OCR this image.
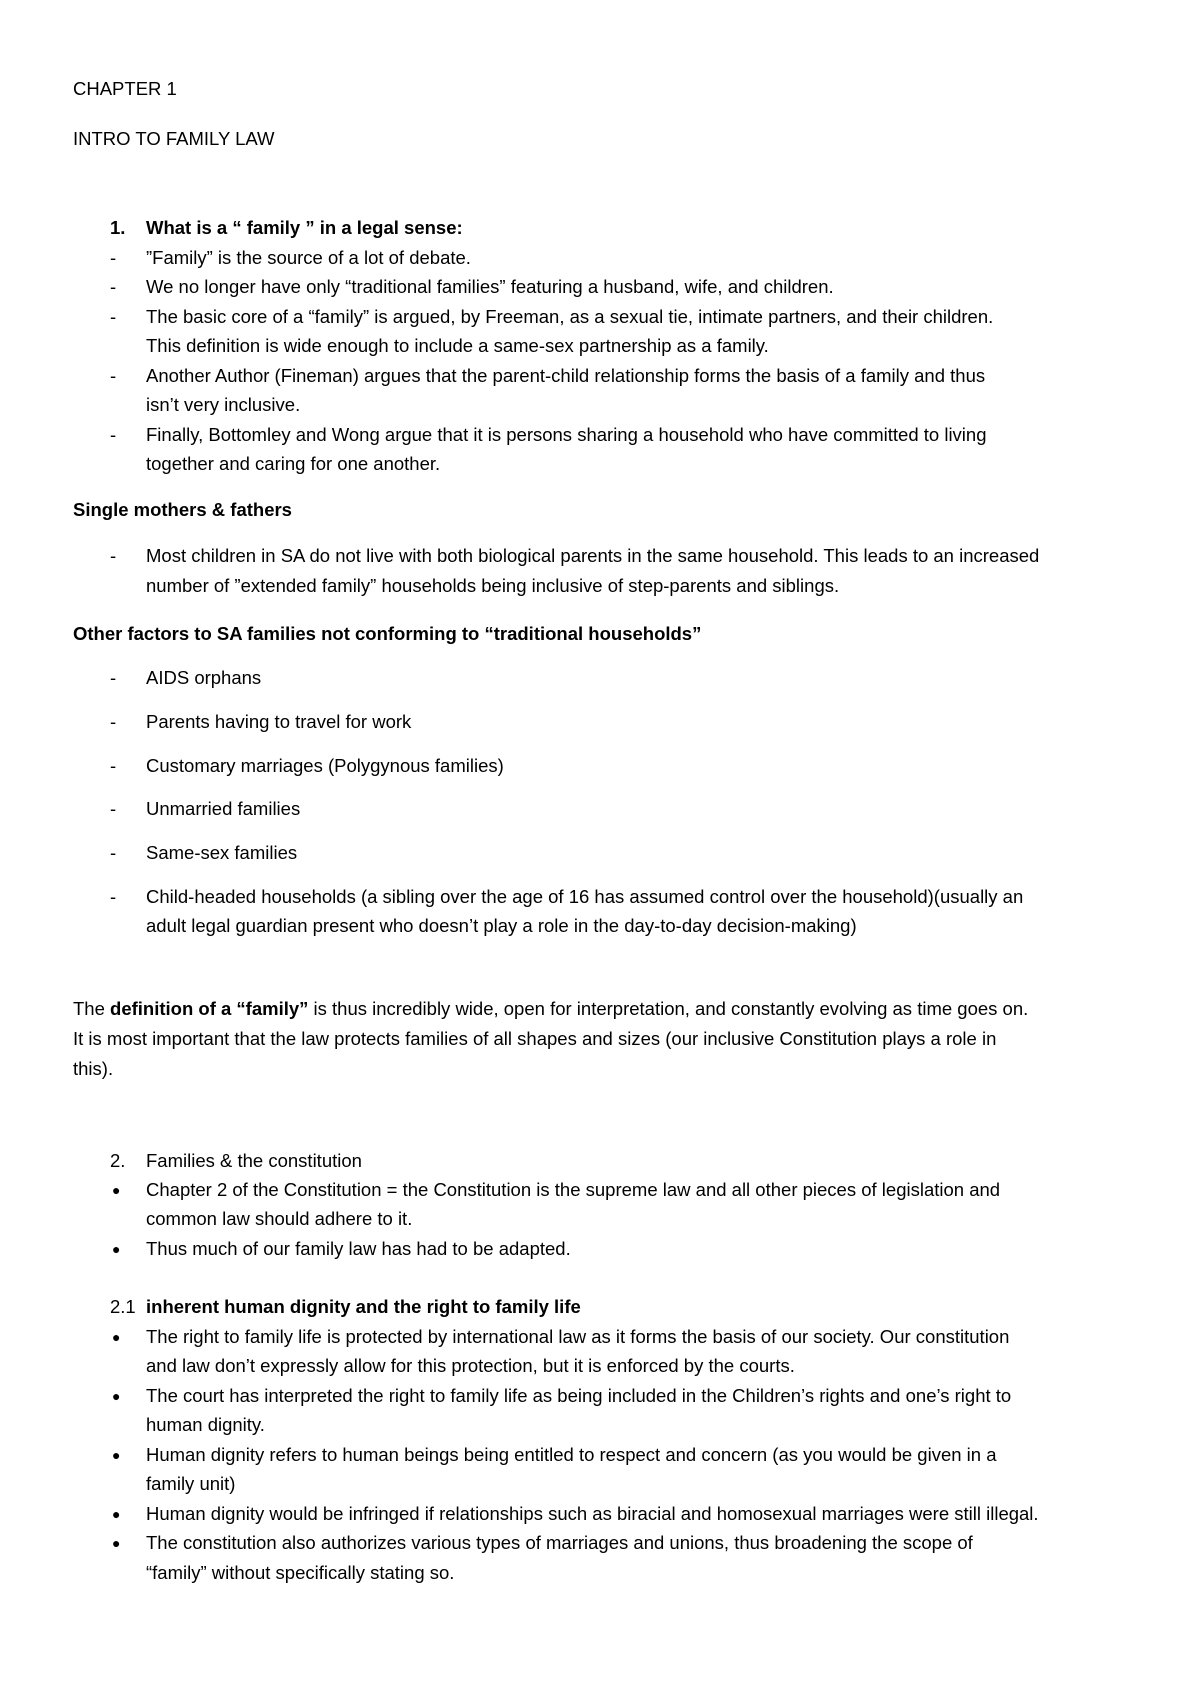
CHAPTER 1
INTRO TO FAMILY LAW
1. What is a “ family ” in a legal sense:
- ”Family” is the source of a lot of debate.
- We no longer have only “traditional families” featuring a husband, wife, and children.
- The basic core of a “family” is argued, by Freeman, as a sexual tie, intimate partners, and their children.
This definition is wide enough to include a same-sex partnership as a family.
- Another Author (Fineman) argues that the parent-child relationship forms the basis of a family and thus
isn’t very inclusive.
- Finally, Bottomley and Wong argue that it is persons sharing a household who have committed to living
together and caring for one another.
Single mothers & fathers
- Most children in SA do not live with both biological parents in the same household. This leads to an increased
number of ”extended family” households being inclusive of step-parents and siblings.
Other factors to SA families not conforming to “traditional households”
- AIDS orphans
- Parents having to travel for work
- Customary marriages (Polygynous families)
- Unmarried families
- Same-sex families
- Child-headed households (a sibling over the age of 16 has assumed control over the household)(usually an
adult legal guardian present who doesn’t play a role in the day-to-day decision-making)
The definition of a “family” is thus incredibly wide, open for interpretation, and constantly evolving as time goes on.
It is most important that the law protects families of all shapes and sizes (our inclusive Constitution plays a role in
this).
2. Families & the constitution
● Chapter 2 of the Constitution = the Constitution is the supreme law and all other pieces of legislation and
common law should adhere to it.
● Thus much of our family law has had to be adapted.
2.1 inherent human dignity and the right to family life
● The right to family life is protected by international law as it forms the basis of our society. Our constitution
and law don’t expressly allow for this protection, but it is enforced by the courts.
● The court has interpreted the right to family life as being included in the Children’s rights and one’s right to
human dignity.
● Human dignity refers to human beings being entitled to respect and concern (as you would be given in a
family unit)
● Human dignity would be infringed if relationships such as biracial and homosexual marriages were still illegal.
● The constitution also authorizes various types of marriages and unions, thus broadening the scope of
“family” without specifically stating so.
